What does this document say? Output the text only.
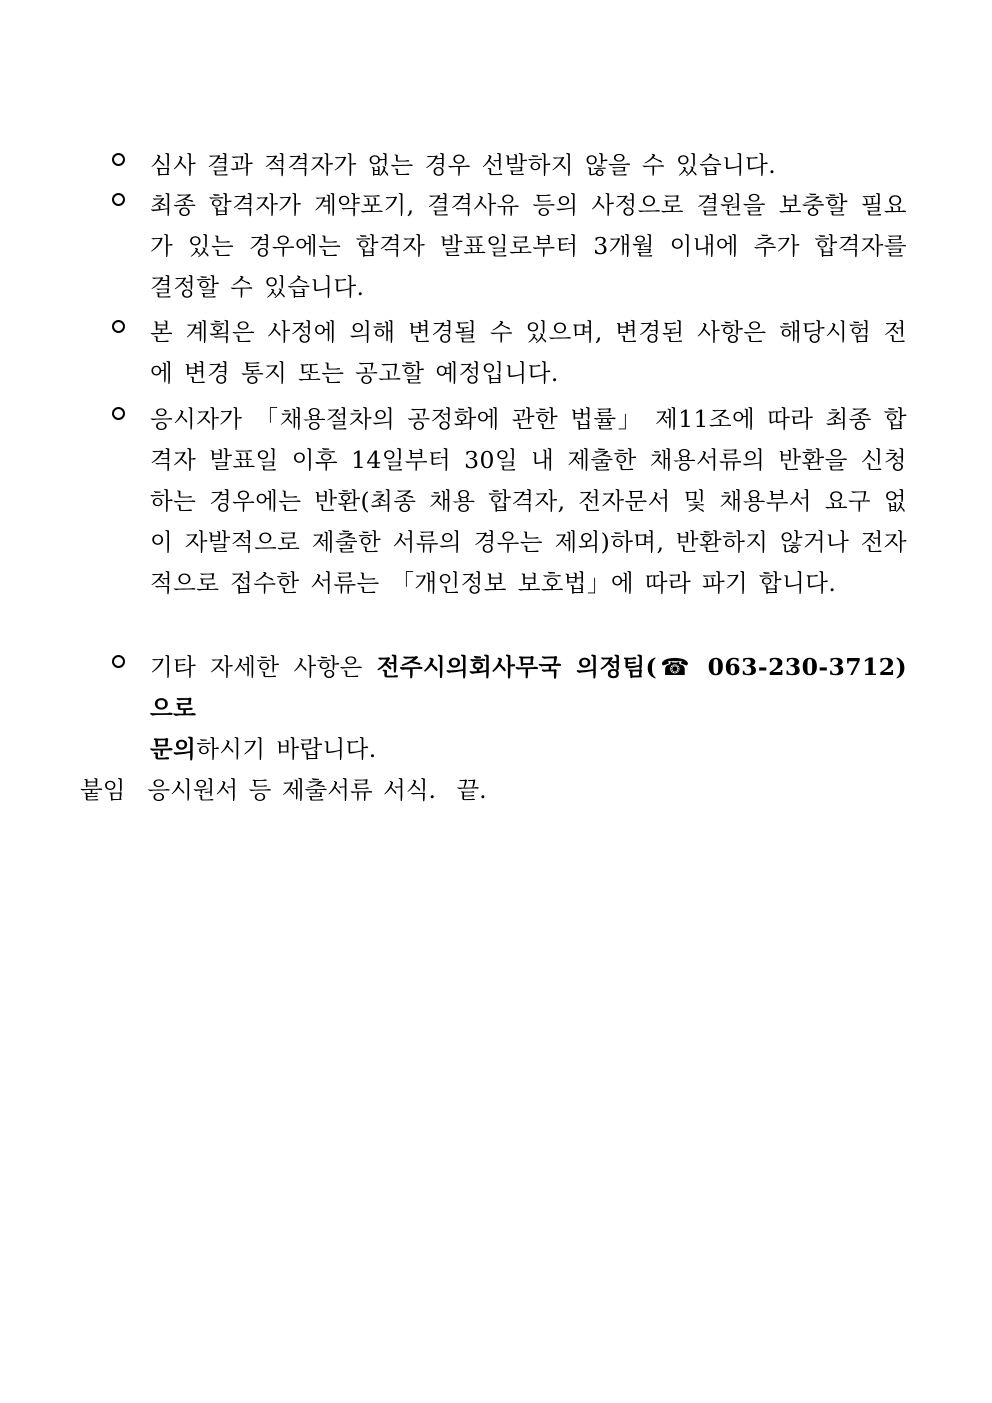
심사 결과 적격자가 없는 경우 선발하지 않을 수 있습니다.
최종 합격자가 계약포기, 결격사유 등의 사정으로 결원을 보충할 필요가 있는 경우에는 합격자 발표일로부터 3개월 이내에 추가 합격자를 결정할 수 있습니다.
본 계획은 사정에 의해 변경될 수 있으며, 변경된 사항은 해당시험 전에 변경 통지 또는 공고할 예정입니다.
응시자가 「채용절차의 공정화에 관한 법률」 제11조에 따라 최종 합격자 발표일 이후 14일부터 30일 내 제출한 채용서류의 반환을 신청하는 경우에는 반환(최종 채용 합격자, 전자문서 및 채용부서 요구 없이 자발적으로 제출한 서류의 경우는 제외)하며, 반환하지 않거나 전자적으로 접수한 서류는 「개인정보 보호법」에 따라 파기 합니다.
기타 자세한 사항은 전주시의회사무국 의정팀(☎ 063-230-3712)으로
문의하시기 바랍니다.
붙임 응시원서 등 제출서류 서식. 끝.
